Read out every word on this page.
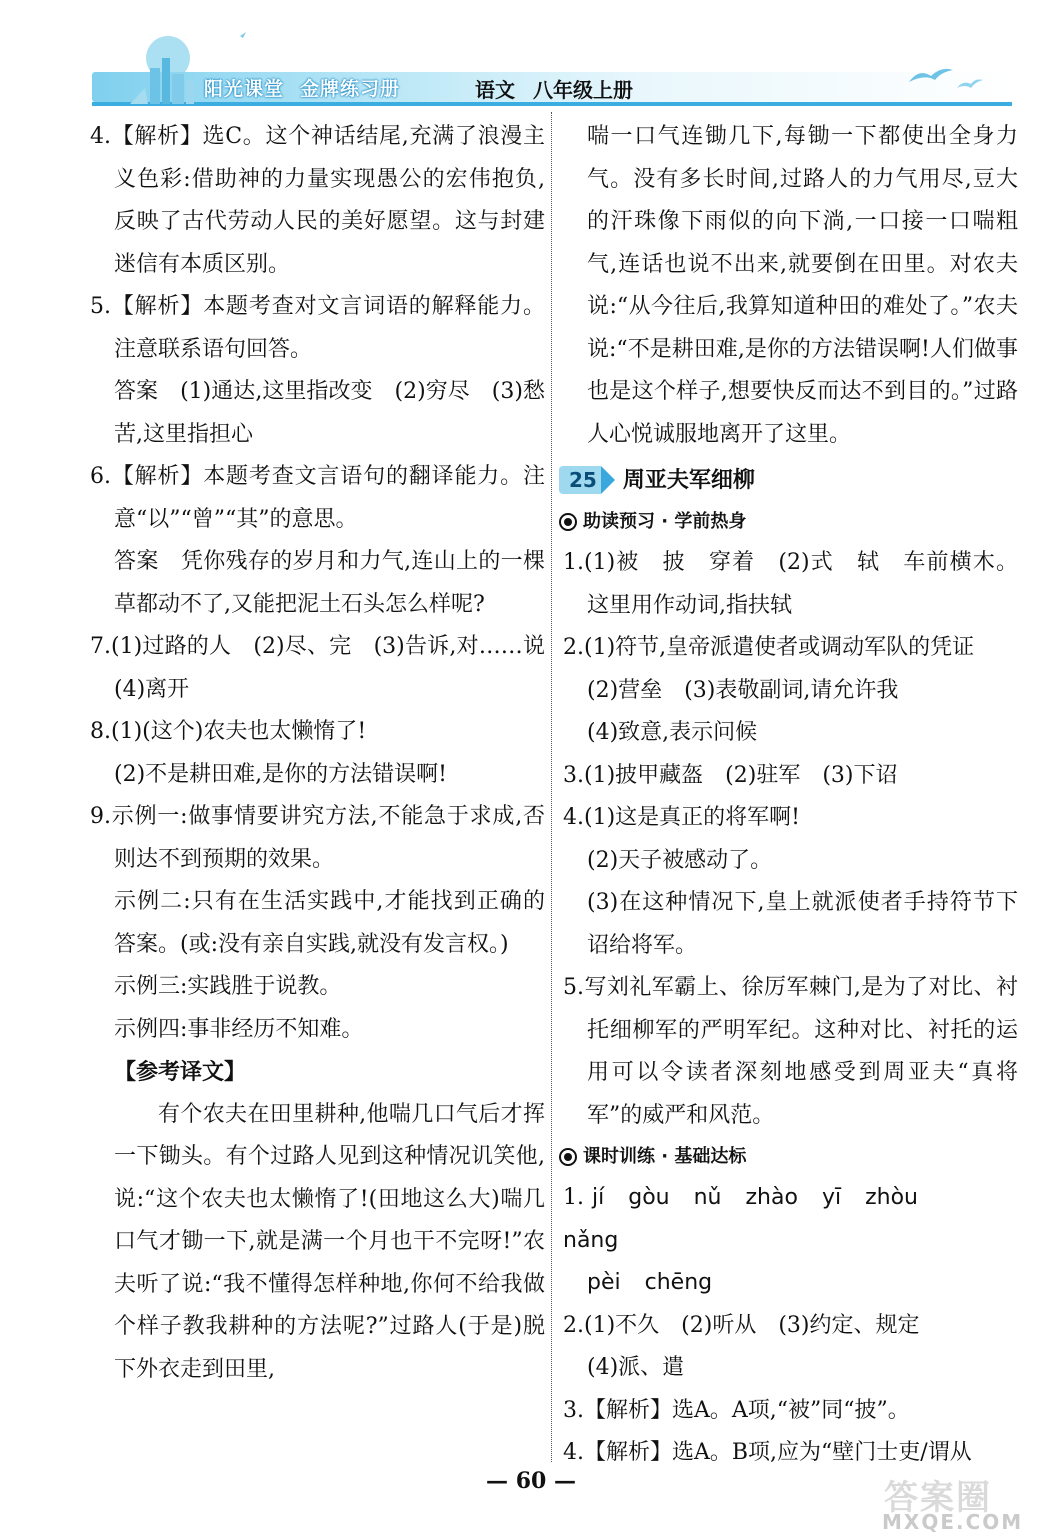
阳光课堂 金牌练习册	语文 八年级上册

4.【解析】选C。这个神话结尾,充满了浪漫主义色彩:借助神的力量实现愚公的宏伟抱负,反映了古代劳动人民的美好愿望。这与封建迷信有本质区别。

5.【解析】本题考查对文言词语的解释能力。注意联系语句回答。

答案　(1)通达,这里指改变　(2)穷尽　(3)愁苦,这里指担心

6.【解析】本题考查文言语句的翻译能力。注意“以”“曾”“其”的意思。

答案　凭你残存的岁月和力气,连山上的一棵草都动不了,又能把泥土石头怎么样呢?

7.(1)过路的人　(2)尽、完　(3)告诉,对……说　(4)离开

8.(1)(这个)农夫也太懒惰了!

(2)不是耕田难,是你的方法错误啊!

9.示例一:做事情要讲究方法,不能急于求成,否则达不到预期的效果。

示例二:只有在生活实践中,才能找到正确的答案。(或:没有亲自实践,就没有发言权。)

示例三:实践胜于说教。

示例四:事非经历不知难。

【参考译文】

有个农夫在田里耕种,他喘几口气后才挥一下锄头。有个过路人见到这种情况讥笑他,说:“这个农夫也太懒惰了!(田地这么大)喘几口气才锄一下,就是满一个月也干不完呀!”农夫听了说:“我不懂得怎样种地,你何不给我做个样子教我耕种的方法呢?”过路人(于是)脱下外衣走到田里,

喘一口气连锄几下,每锄一下都使出全身力气。没有多长时间,过路人的力气用尽,豆大的汗珠像下雨似的向下淌,一口接一口喘粗气,连话也说不出来,就要倒在田里。对农夫说:“从今往后,我算知道种田的难处了。”农夫说:“不是耕田难,是你的方法错误啊!人们做事也是这个样子,想要快反而达不到目的。”过路人心悦诚服地离开了这里。

25 周亚夫军细柳
助读预习 · 学前热身

1.(1)被　披　穿着　(2)式　轼　车前横木。这里用作动词,指扶轼

2.(1)符节,皇帝派遣使者或调动军队的凭证

(2)营垒　(3)表敬副词,请允许我

(4)致意,表示问候

3.(1)披甲藏盔　(2)驻军　(3)下诏

4.(1)这是真正的将军啊!

(2)天子被感动了。

(3)在这种情况下,皇上就派使者手持符节下诏给将军。

5.写刘礼军霸上、徐厉军棘门,是为了对比、衬托细柳军的严明军纪。这种对比、衬托的运用可以令读者深刻地感受到周亚夫“真将军”的威严和风范。

课时训练 · 基础达标

1. jí gòu nǔ zhào yī zhòunǎng

pèi chēng

2.(1)不久　(2)听从　(3)约定、规定

(4)派、遣

3.【解析】选A。A项,“被”同“披”。

4.【解析】选A。B项,应为“壁门士吏/谓从

— 60 —	答案圈
MXQE.COM
